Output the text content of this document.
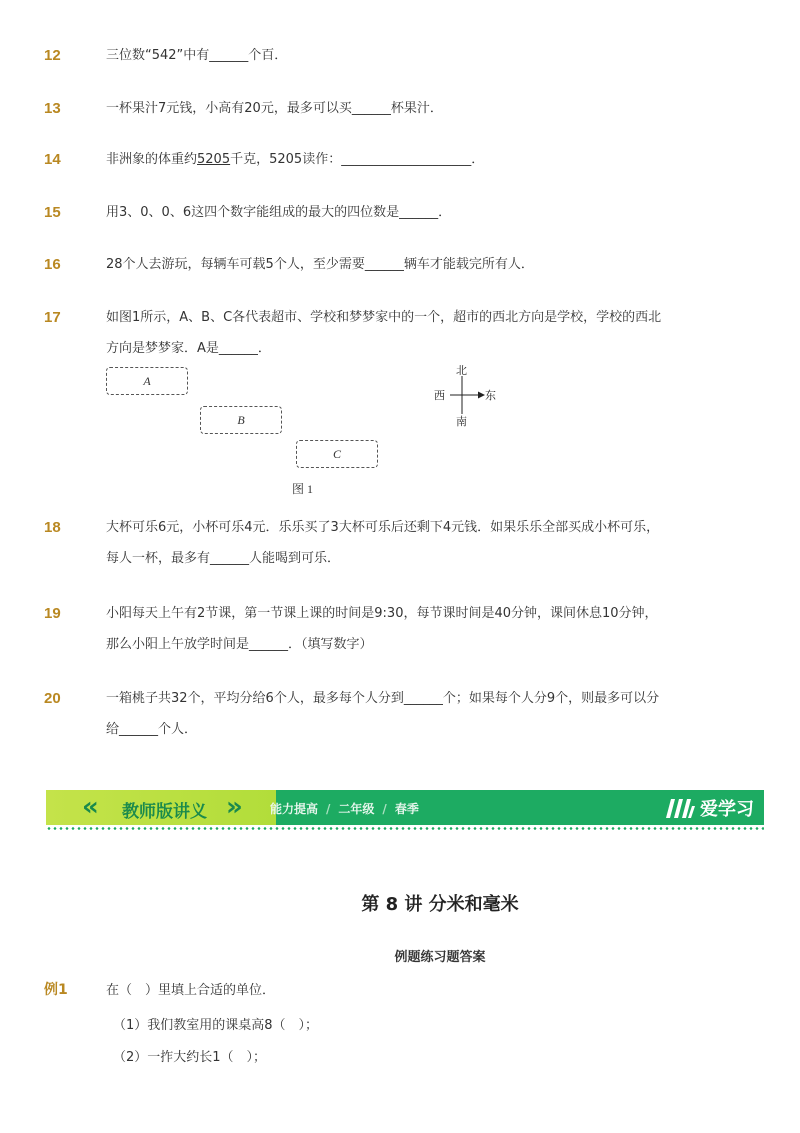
12	三位数“542”中有______个百．

13	一杯果汁7元钱，小高有20元，最多可以买______杯果汁．

14	非洲象的体重约5205千克，5205读作：____________________．

15	用3、0、0、6这四个数字能组成的最大的四位数是______．

16	28个人去游玩，每辆车可载5个人，至少需要______辆车才能载完所有人．

17	如图1所示，A、B、C各代表超市、学校和梦梦家中的一个，超市的西北方向是学校，学校的西北

方向是梦梦家．A是______．

A
B
C
北
南
西	东
图 1
18	大杯可乐6元，小杯可乐4元．乐乐买了3大杯可乐后还剩下4元钱．如果乐乐全部买成小杯可乐，

每人一杯，最多有______人能喝到可乐．

19	小阳每天上午有2节课，第一节课上课的时间是9:30，每节课时间是40分钟，课间休息10分钟，

那么小阳上午放学时间是______．（填写数字）

20	一箱桃子共32个，平均分给6个人，最多每个人分到______个；如果每个人分9个，则最多可以分

给______个人．

« 教师版讲义 » 能力提高 / 二年级 / 春季	爱学习
第 8 讲 分米和毫米
例题练习题答案
例1	在（　）里填上合适的单位．
（1）我们教室用的课桌高8（　）；
（2）一拃大约长1（　）；
